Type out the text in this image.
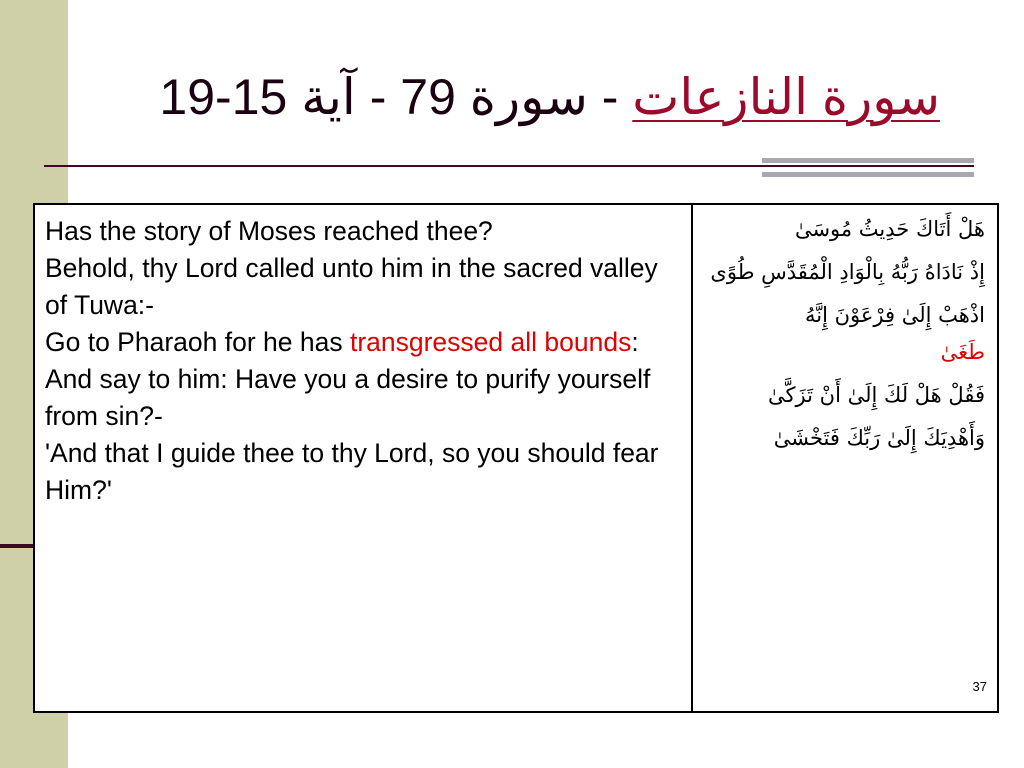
سورة النازعات - سورة 79 - آية 15-19

Has the story of Moses reached thee?

Behold, thy Lord called unto him in the sacred valley of Tuwa:-

Go to Pharaoh for he has transgressed all bounds:

And say to him: Have you a desire to purify yourself from sin?-

'And that I guide thee to thy Lord, so you should fear Him?'

هَلْ أَتَاكَ حَدِيثُ مُوسَىٰ

إِذْ نَادَاهُ رَبُّهُ بِالْوَادِ الْمُقَدَّسِ طُوًى

اذْهَبْ إِلَىٰ فِرْعَوْنَ إِنَّهُ
طَغَىٰ

فَقُلْ هَلْ لَكَ إِلَىٰ أَنْ تَزَكَّىٰ

وَأَهْدِيَكَ إِلَىٰ رَبِّكَ فَتَخْشَىٰ

37
